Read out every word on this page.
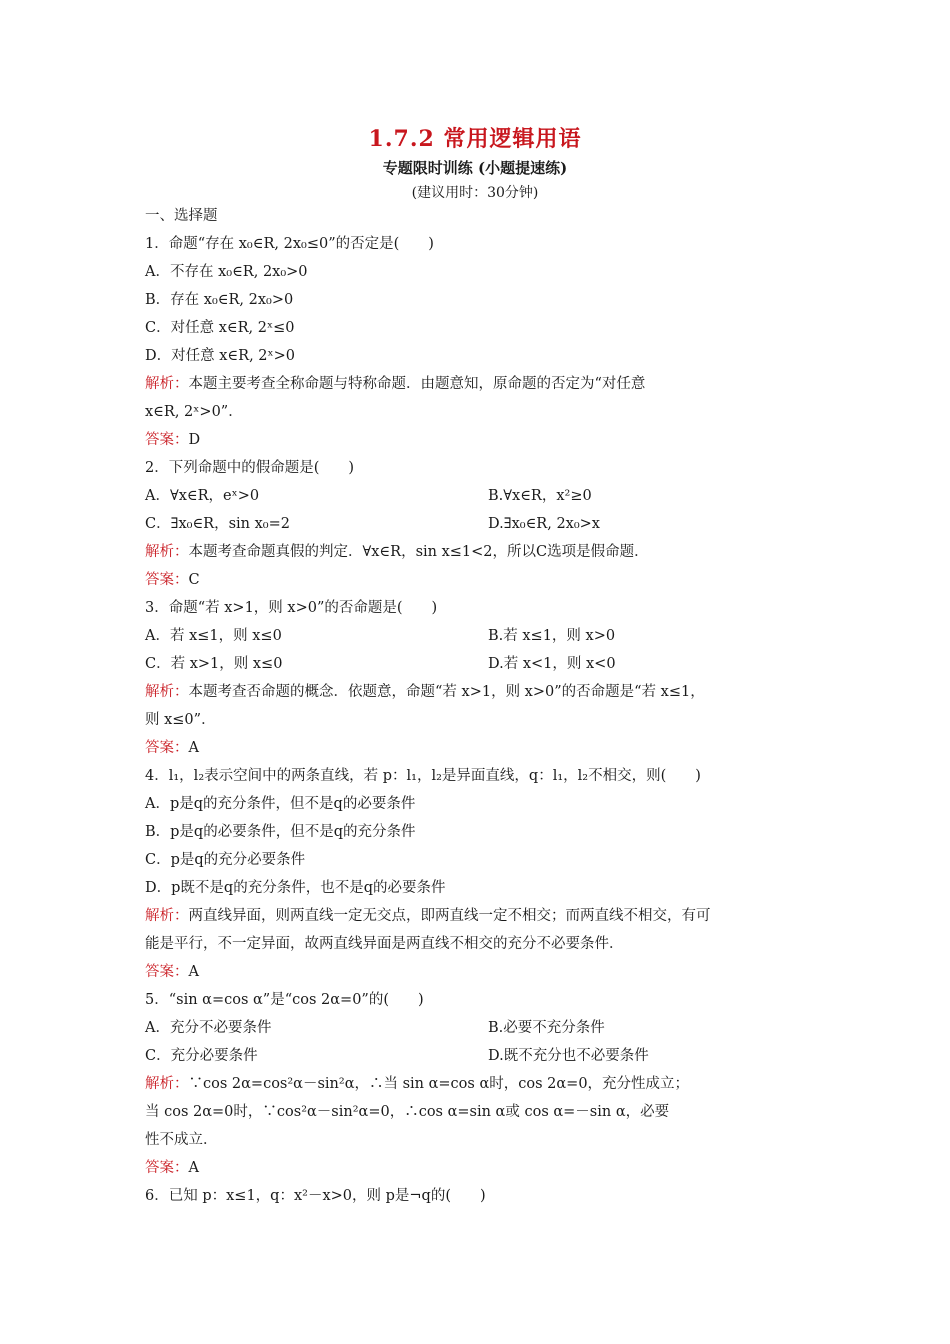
1.7.2 常用逻辑用语
专题限时训练 (小题提速练)
(建议用时：30分钟)
一、选择题
1．命题“存在 x₀∈R, 2x₀≤0”的否定是(　　)
A．不存在 x₀∈R, 2x₀>0
B．存在 x₀∈R, 2x₀>0
C．对任意 x∈R, 2ˣ≤0
D．对任意 x∈R, 2ˣ>0
解析：本题主要考查全称命题与特称命题．由题意知，原命题的否定为“对任意
x∈R, 2ˣ>0”．
答案：D
2．下列命题中的假命题是(　　)
A．∀x∈R，eˣ>0	B.∀x∈R，x²≥0
C．∃x₀∈R，sin x₀=2	D.∃x₀∈R, 2x₀>x
解析：本题考查命题真假的判定．∀x∈R，sin x≤1<2，所以C选项是假命题．
答案：C
3．命题“若 x>1，则 x>0”的否命题是(　　)
A．若 x≤1，则 x≤0	B.若 x≤1，则 x>0
C．若 x>1，则 x≤0	D.若 x<1，则 x<0
解析：本题考查否命题的概念．依题意，命题“若 x>1，则 x>0”的否命题是“若 x≤1，
则 x≤0”．
答案：A
4．l₁，l₂表示空间中的两条直线，若 p：l₁，l₂是异面直线，q：l₁，l₂不相交，则(　　)
A．p是q的充分条件，但不是q的必要条件
B．p是q的必要条件，但不是q的充分条件
C．p是q的充分必要条件
D．p既不是q的充分条件，也不是q的必要条件
解析：两直线异面，则两直线一定无交点，即两直线一定不相交；而两直线不相交，有可
能是平行，不一定异面，故两直线异面是两直线不相交的充分不必要条件．
答案：A
5．“sin α=cos α”是“cos 2α=0”的(　　)
A．充分不必要条件	B.必要不充分条件
C．充分必要条件	D.既不充分也不必要条件
解析：∵cos 2α=cos²α－sin²α，∴当 sin α=cos α时，cos 2α=0，充分性成立；
当 cos 2α=0时，∵cos²α－sin²α=0，∴cos α=sin α或 cos α=－sin α，必要
性不成立．
答案：A
6．已知 p：x≤1，q：x²－x>0，则 p是¬q的(　　)
